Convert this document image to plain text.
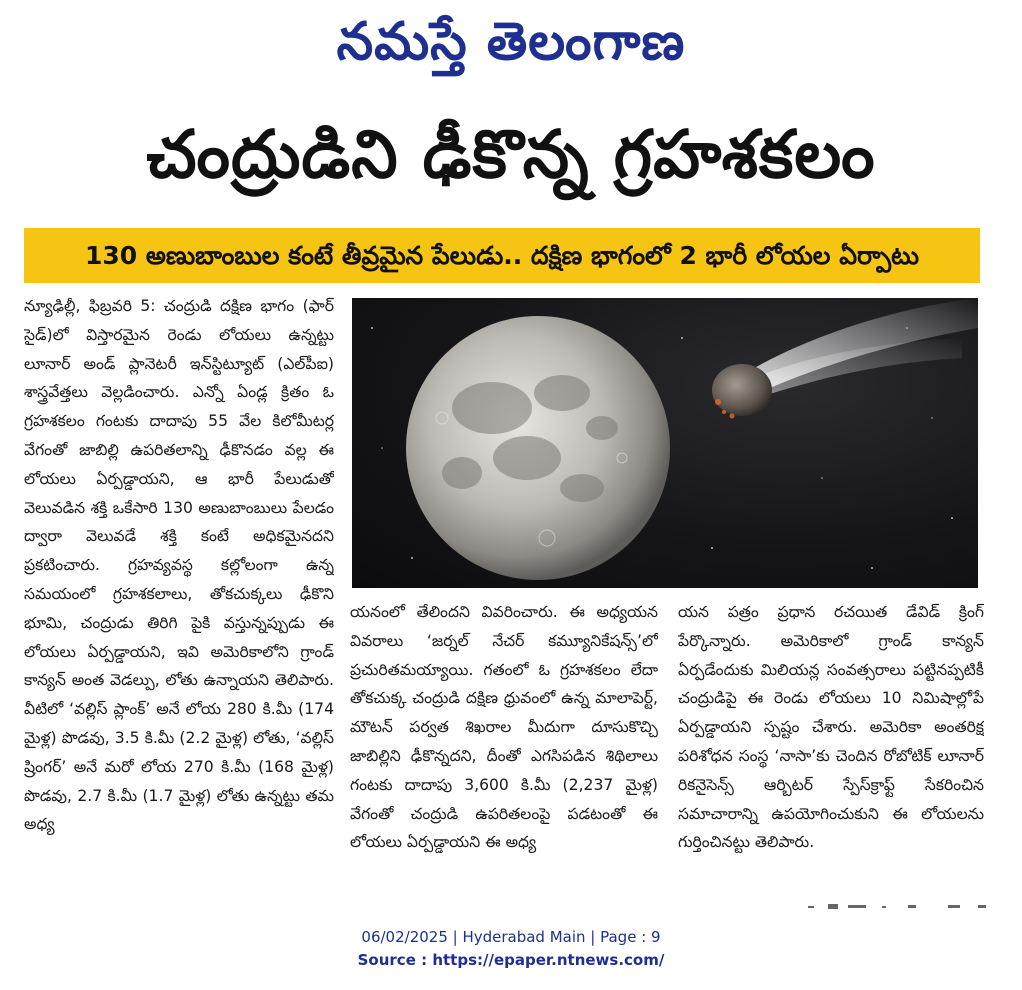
నమస్తే తెలంగాణ
చంద్రుడిని ఢీకొన్న గ్రహశకలం
130 అణుబాంబుల కంటే తీవ్రమైన పేలుడు.. దక్షిణ భాగంలో 2 భారీ లోయల ఏర్పాటు
న్యూఢిల్లీ, ఫిబ్రవరి 5: చంద్రుడి దక్షిణ భాగం (ఫార్ సైడ్)లో విస్తారమైన రెండు లోయలు ఉన్నట్టు లూనార్ అండ్ ప్లానెటరీ ఇన్‌స్టిట్యూట్ (ఎల్‌పీఐ) శాస్త్రవేత్తలు వెల్లడించారు. ఎన్నో ఏండ్ల క్రితం ఓ గ్రహశకలం గంటకు దాదాపు 55 వేల కిలోమీటర్ల వేగంతో జాబిల్లి ఉపరితలాన్ని ఢీకొనడం వల్ల ఈ లోయలు ఏర్పడ్డాయని, ఆ భారీ పేలుడుతో వెలువడిన శక్తి ఒకేసారి 130 అణుబాంబులు పేలడం ద్వారా వెలువడే శక్తి కంటే అధికమైనదని ప్రకటించారు. గ్రహవ్యవస్థ కల్లోలంగా ఉన్న సమయంలో గ్రహశకలాలు, తోకచుక్కలు ఢీకొని భూమి, చంద్రుడు తిరిగి పైకి వస్తున్నప్పుడు ఈ లోయలు ఏర్పడ్డాయని, ఇవి అమెరికాలోని గ్రాండ్ కాన్యన్ అంత వెడల్పు, లోతు ఉన్నాయని తెలిపారు. వీటిలో ‘వల్లిస్ ప్లాంక్’ అనే లోయ 280 కి.మీ (174 మైళ్ల) పొడవు, 3.5 కి.మీ (2.2 మైళ్ల) లోతు, ‘వల్లిస్ ష్రింగర్’ అనే మరో లోయ 270 కి.మీ (168 మైళ్ల) పొడవు, 2.7 కి.మీ (1.7 మైళ్ల) లోతు ఉన్నట్టు తమ అధ్య
యనంలో తేలిందని వివరించారు. ఈ అధ్యయన వివరాలు ‘జర్నల్ నేచర్ కమ్యూనికేషన్స్’లో ప్రచురితమయ్యాయి. గతంలో ఓ గ్రహశకలం లేదా తోకచుక్క చంద్రుడి దక్షిణ ధ్రువంలో ఉన్న మాలాపెర్ట్, మౌటన్ పర్వత శిఖరాల మీదుగా దూసుకొచ్చి జాబిల్లిని ఢీకొన్నదని, దీంతో ఎగసిపడిన శిథిలాలు గంటకు దాదాపు 3,600 కి.మీ (2,237 మైళ్ల) వేగంతో చంద్రుడి ఉపరితలంపై పడటంతో ఈ లోయలు ఏర్పడ్డాయని ఈ అధ్య
యన పత్రం ప్రధాన రచయిత డేవిడ్ క్రింగ్ పేర్కొన్నారు. అమెరికాలో గ్రాండ్ కాన్యన్ ఏర్పడేందుకు మిలియన్ల సంవత్సరాలు పట్టినప్పటికీ చంద్రుడిపై ఈ రెండు లోయలు 10 నిమిషాల్లోపే ఏర్పడ్డాయని స్పష్టం చేశారు. అమెరికా అంతరిక్ష పరిశోధన సంస్థ ‘నాసా’కు చెందిన రోబోటిక్ లూనార్ రికనైసెన్స్ ఆర్బిటర్ స్పేస్‌క్రాఫ్ట్ సేకరించిన సమాచారాన్ని ఉపయోగించుకుని ఈ లోయలను గుర్తించినట్టు తెలిపారు.
06/02/2025 | Hyderabad Main | Page : 9
Source : https://epaper.ntnews.com/
